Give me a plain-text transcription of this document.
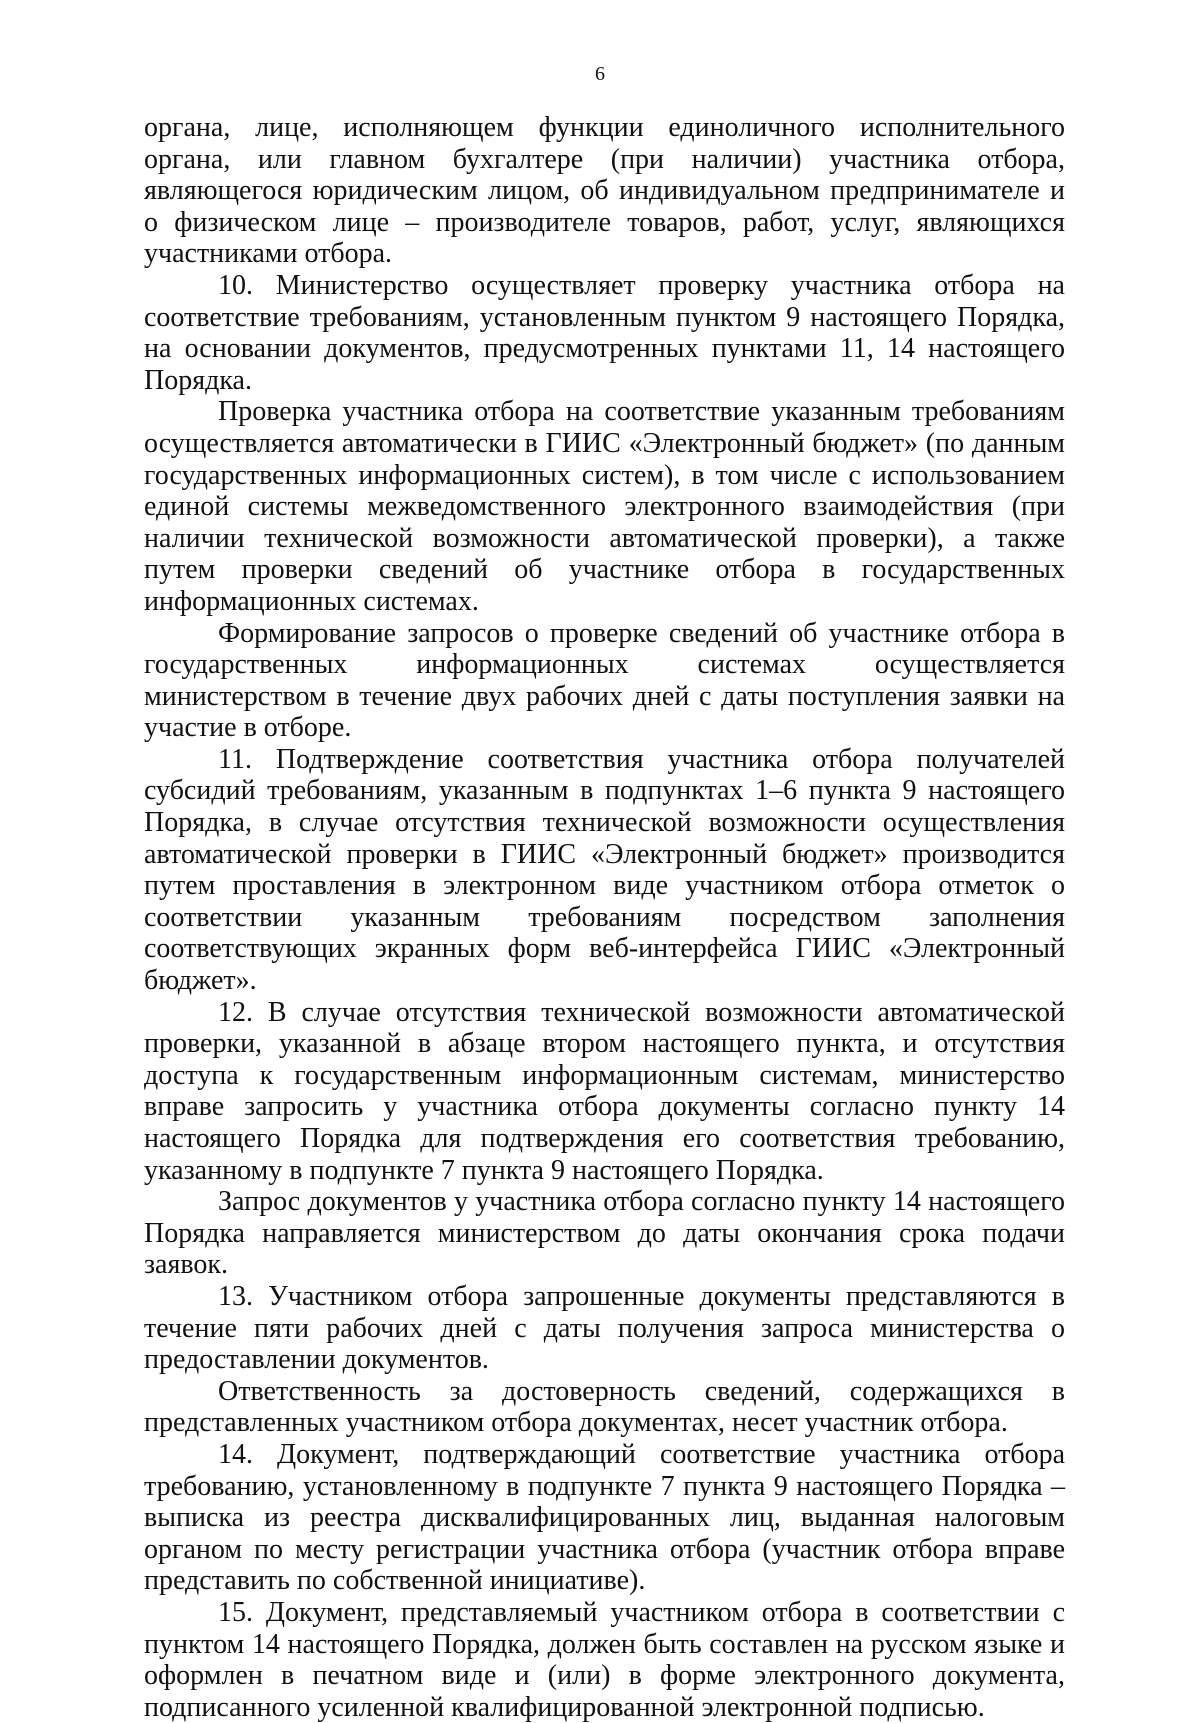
6

органа, лице, исполняющем функции единоличного исполнительного органа, или главном бухгалтере (при наличии) участника отбора, являющегося юридическим лицом, об индивидуальном предпринимателе и о физическом лице – производителе товаров, работ, услуг, являющихся участниками отбора.

10. Министерство осуществляет проверку участника отбора на соответствие требованиям, установленным пунктом 9 настоящего Порядка, на основании документов, предусмотренных пунктами 11, 14 настоящего Порядка.

Проверка участника отбора на соответствие указанным требованиям осуществляется автоматически в ГИИС «Электронный бюджет» (по данным государственных информационных систем), в том числе с использованием единой системы межведомственного электронного взаимодействия (при наличии технической возможности автоматической проверки), а также путем проверки сведений об участнике отбора в государственных информационных системах.

Формирование запросов о проверке сведений об участнике отбора в государственных информационных системах осуществляется министерством в течение двух рабочих дней с даты поступления заявки на участие в отборе.

11. Подтверждение соответствия участника отбора получателей субсидий требованиям, указанным в подпунктах 1–6 пункта 9 настоящего Порядка, в случае отсутствия технической возможности осуществления автоматической проверки в ГИИС «Электронный бюджет» производится путем проставления в электронном виде участником отбора отметок о соответствии указанным требованиям посредством заполнения соответствующих экранных форм веб-интерфейса ГИИС «Электронный бюджет».

12. В случае отсутствия технической возможности автоматической проверки, указанной в абзаце втором настоящего пункта, и отсутствия доступа к государственным информационным системам, министерство вправе запросить у участника отбора документы согласно пункту 14 настоящего Порядка для подтверждения его соответствия требованию, указанному в подпункте 7 пункта 9 настоящего Порядка.

Запрос документов у участника отбора согласно пункту 14 настоящего Порядка направляется министерством до даты окончания срока подачи заявок.

13. Участником отбора запрошенные документы представляются в течение пяти рабочих дней с даты получения запроса министерства о предоставлении документов.

Ответственность за достоверность сведений, содержащихся в представленных участником отбора документах, несет участник отбора.

14. Документ, подтверждающий соответствие участника отбора требованию, установленному в подпункте 7 пункта 9 настоящего Порядка – выписка из реестра дисквалифицированных лиц, выданная налоговым органом по месту регистрации участника отбора (участник отбора вправе представить по собственной инициативе).

15. Документ, представляемый участником отбора в соответствии с пунктом 14 настоящего Порядка, должен быть составлен на русском языке и оформлен в печатном виде и (или) в форме электронного документа, подписанного усиленной квалифицированной электронной подписью.
